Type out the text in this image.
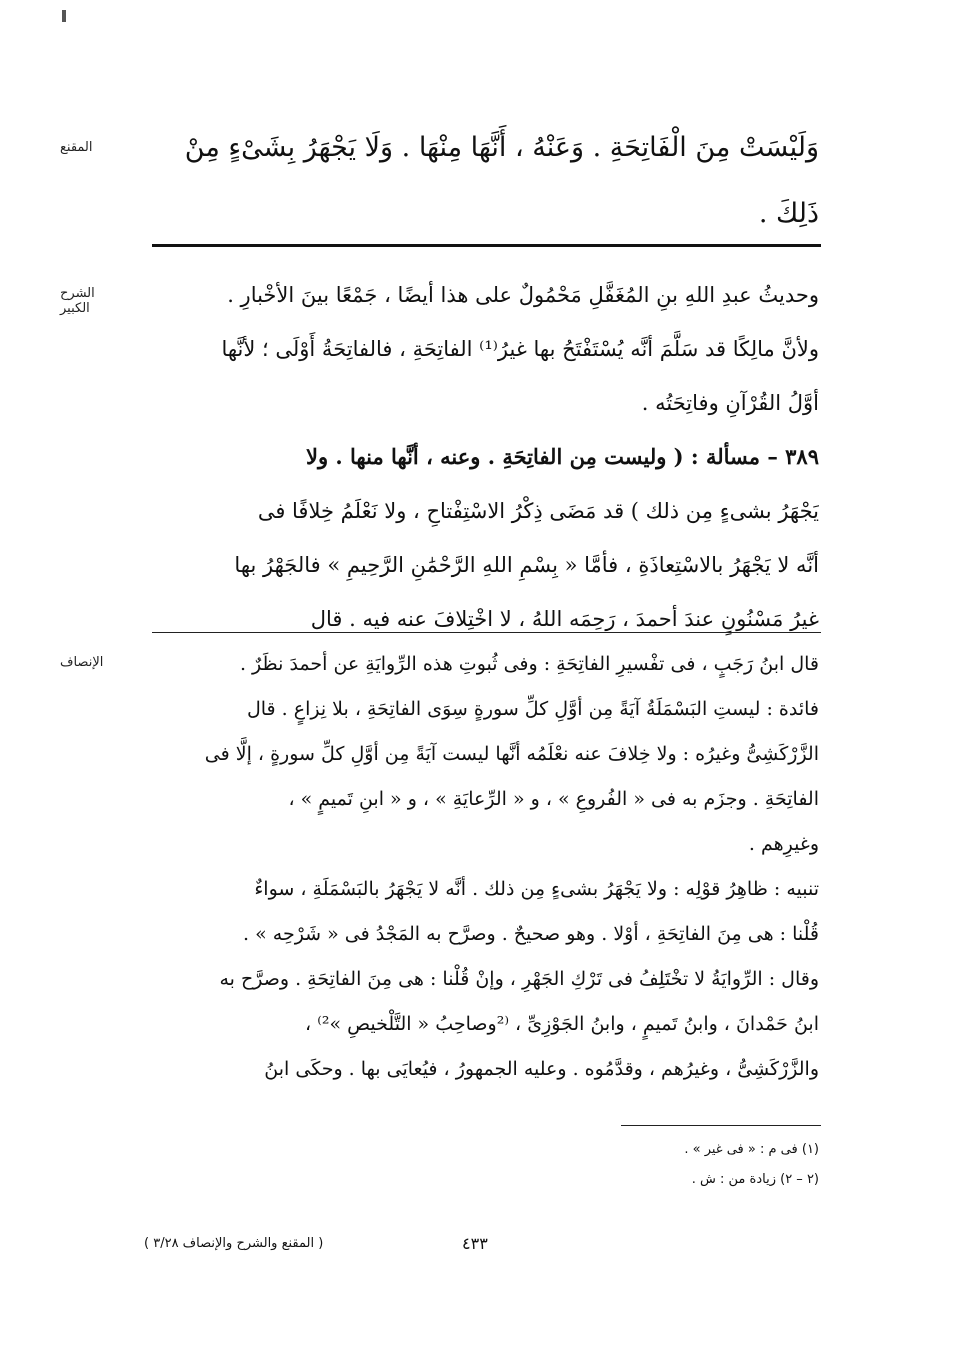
المقنع	وَلَيْسَتْ مِنَ الْفَاتِحَةِ . وَعَنْهُ ، أَنَّهَا مِنْهَا . وَلَا يَجْهَرُ بِشَىْءٍ مِنْ
ذَلِكَ .
الشرح الكبير
وحديثُ عبدِ اللهِ بنِ المُغَفَّلِ مَحْمُولٌ على هذا أيضًا ، جَمْعًا بينَ الأخْبارِ .
ولأنَّ مالِكًا قد سَلَّمَ أنَّه يُسْتَفْتَحُ بها غيرُ⁽¹⁾ الفاتِحَةِ ، فالفاتِحَةُ أَوْلَى ؛ لأنَّها
أوَّلُ القُرْآنِ وفاتِحَتُه .
٣٨٩ – مسألة : ( وليست مِن الفاتِحَةِ . وعنه ، أنَّها منها . ولا
يَجْهَرُ بشىءٍ مِن ذلك ) قد مَضَى ذِكْرُ الاسْتِفْتاحِ ، ولا نَعْلَمُ خِلافًا فى
أنَّه لا يَجْهَرُ بالاسْتِعاذَةِ ، فأمَّا « بِسْمِ اللهِ الرَّحْمَٰنِ الرَّحِيمِ » فالجَهْرُ بها
غيرُ مَسْنُونٍ عندَ أحمدَ ، رَحِمَه اللهُ ، لا اخْتِلافَ عنه فيه . قال
الإنصاف	قال ابنُ رَجَبٍ ، فى تفْسيرِ الفاتِحَةِ : وفى ثُبوتِ هذه الرِّوايَةِ عن أحمدَ نظَرٌ .
فائدة : ليستِ البَسْمَلَةُ آيَةً مِن أوَّلِ كلِّ سورةٍ سِوَى الفاتِحَةِ ، بلا نِزاعٍ . قال
الزَّرْكَشِىُّ وغيرُه : ولا خِلافَ عنه نعْلَمُه أنَّها ليست آيَةً مِن أوَّلِ كلِّ سورةٍ ، إلَّا فى
الفاتِحَةِ . وجزَم به فى « الفُروعِ » ، و « الرِّعايَةِ » ، و « ابنِ تَميمٍ » ،
وغيرِهم .
تنبيه : ظاهِرُ قوْلِه : ولا يَجْهَرُ بشىءٍ مِن ذلك . أنَّه لا يَجْهَرُ بالبَسْمَلَةِ ، سواءٌ
قُلْنا : هى مِنَ الفاتِحَةِ ، أوْلا . وهو صحيحٌ . وصرَّح به المَجْدُ فى « شَرْحِه » .
وقال : الرِّوايَةُ لا تخْتَلِفُ فى تَرْكِ الجَهْرِ ، وإنْ قُلْنا : هى مِنَ الفاتِحَةِ . وصرَّح به
ابنُ حَمْدانَ ، وابنُ تَميمٍ ، وابنُ الجَوْزِىِّ ، ⁽²وصاحِبُ « التَّلْخيصِ »²⁾ ،
والزَّرْكَشِىُّ ، وغيرُهم ، وقدَّمُوه . وعليه الجمهورُ ، فيُعايَى بها . وحكَى ابنُ
(١) فى م : « فى غير » .
(٢ – ٢) زيادة من : ش .
٤٣٣
( المقنع والشرح والإنصاف ٣/٢٨ )
